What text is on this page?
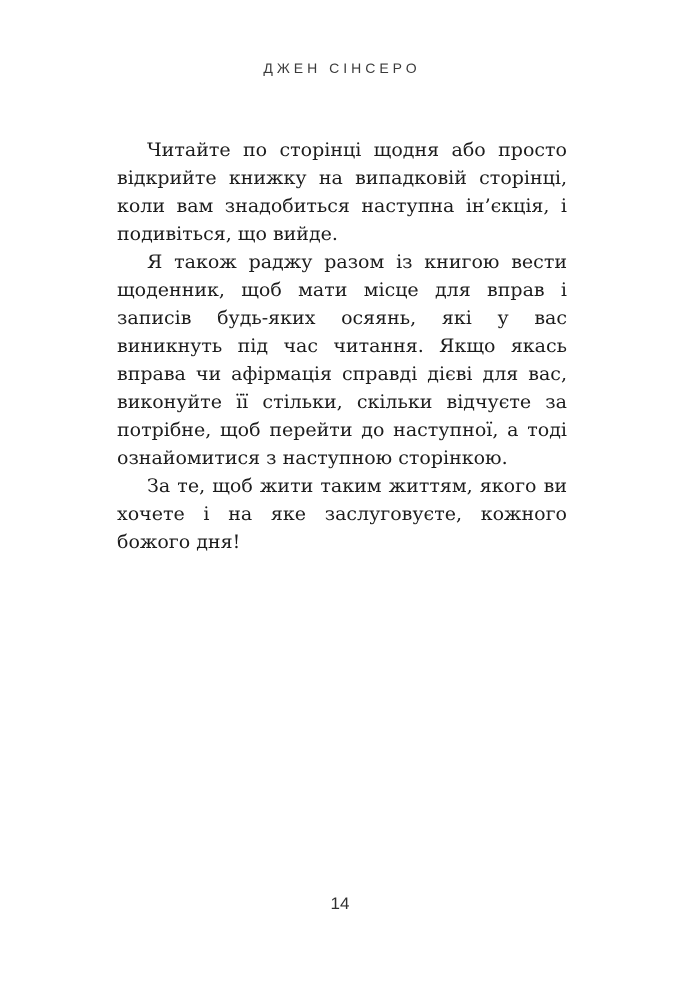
ДЖЕН СІНСЕРО

Читайте по сторінці щодня або просто відкрийте книжку на випадковій сторінці, коли вам знадобиться наступна ін’єкція, і подивіться, що вийде.

Я також раджу разом із книгою вести щоденник, щоб мати місце для вправ і записів будь-яких осяянь, які у вас виникнуть під час читання. Якщо якась вправа чи афірмація справді дієві для вас, виконуйте її стільки, скільки відчуєте за потрібне, щоб перейти до наступної, а тоді ознайомитися з наступною сторінкою.

За те, щоб жити таким життям, якого ви хочете і на яке заслуговуєте, кожного божого дня!

14
